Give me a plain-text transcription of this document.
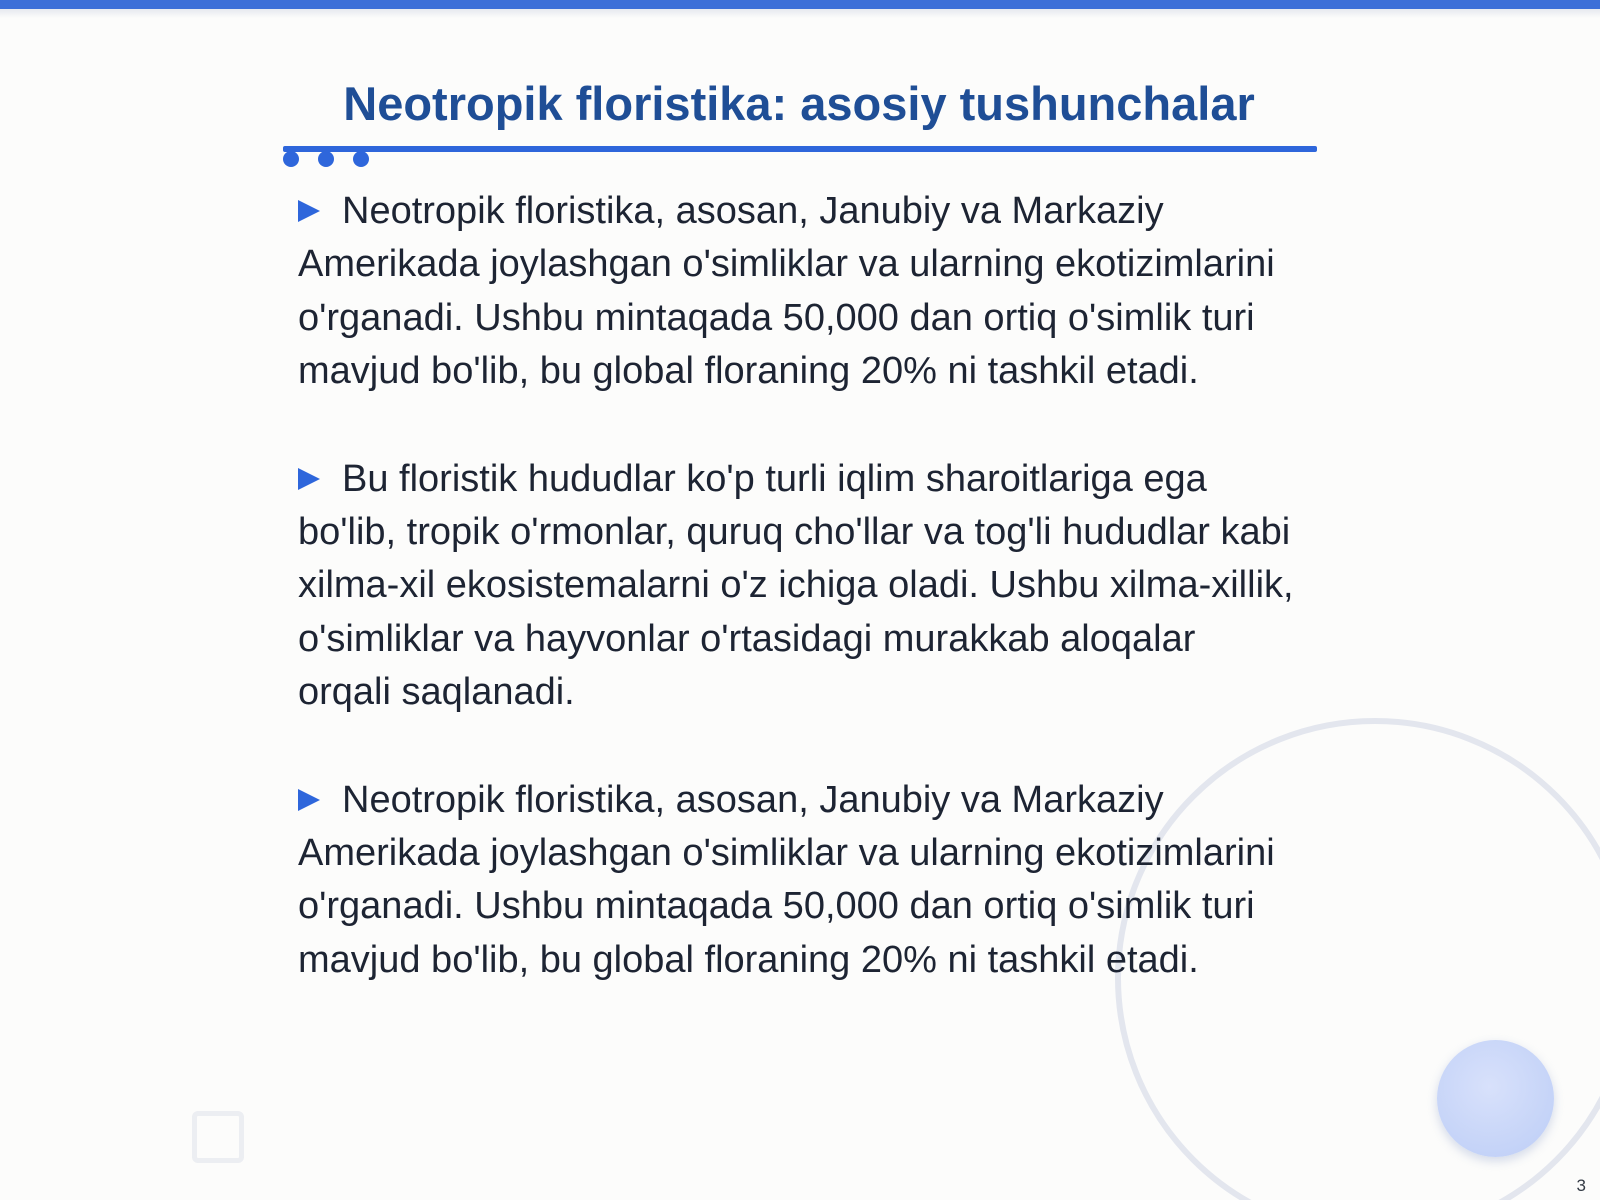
Neotropik floristika: asosiy tushunchalar

Neotropik floristika, asosan, Janubiy va Markaziy Amerikada joylashgan o'simliklar va ularning ekotizimlarini o'rganadi. Ushbu mintaqada 50,000 dan ortiq o'simlik turi mavjud bo'lib, bu global floraning 20% ni tashkil etadi.

Bu floristik hududlar ko'p turli iqlim sharoitlariga ega bo'lib, tropik o'rmonlar, quruq cho'llar va tog'li hududlar kabi xilma-xil ekosistemalarni o'z ichiga oladi. Ushbu xilma-xillik, o'simliklar va hayvonlar o'rtasidagi murakkab aloqalar orqali saqlanadi.

Neotropik floristika, asosan, Janubiy va Markaziy Amerikada joylashgan o'simliklar va ularning ekotizimlarini o'rganadi. Ushbu mintaqada 50,000 dan ortiq o'simlik turi mavjud bo'lib, bu global floraning 20% ni tashkil etadi.

3
